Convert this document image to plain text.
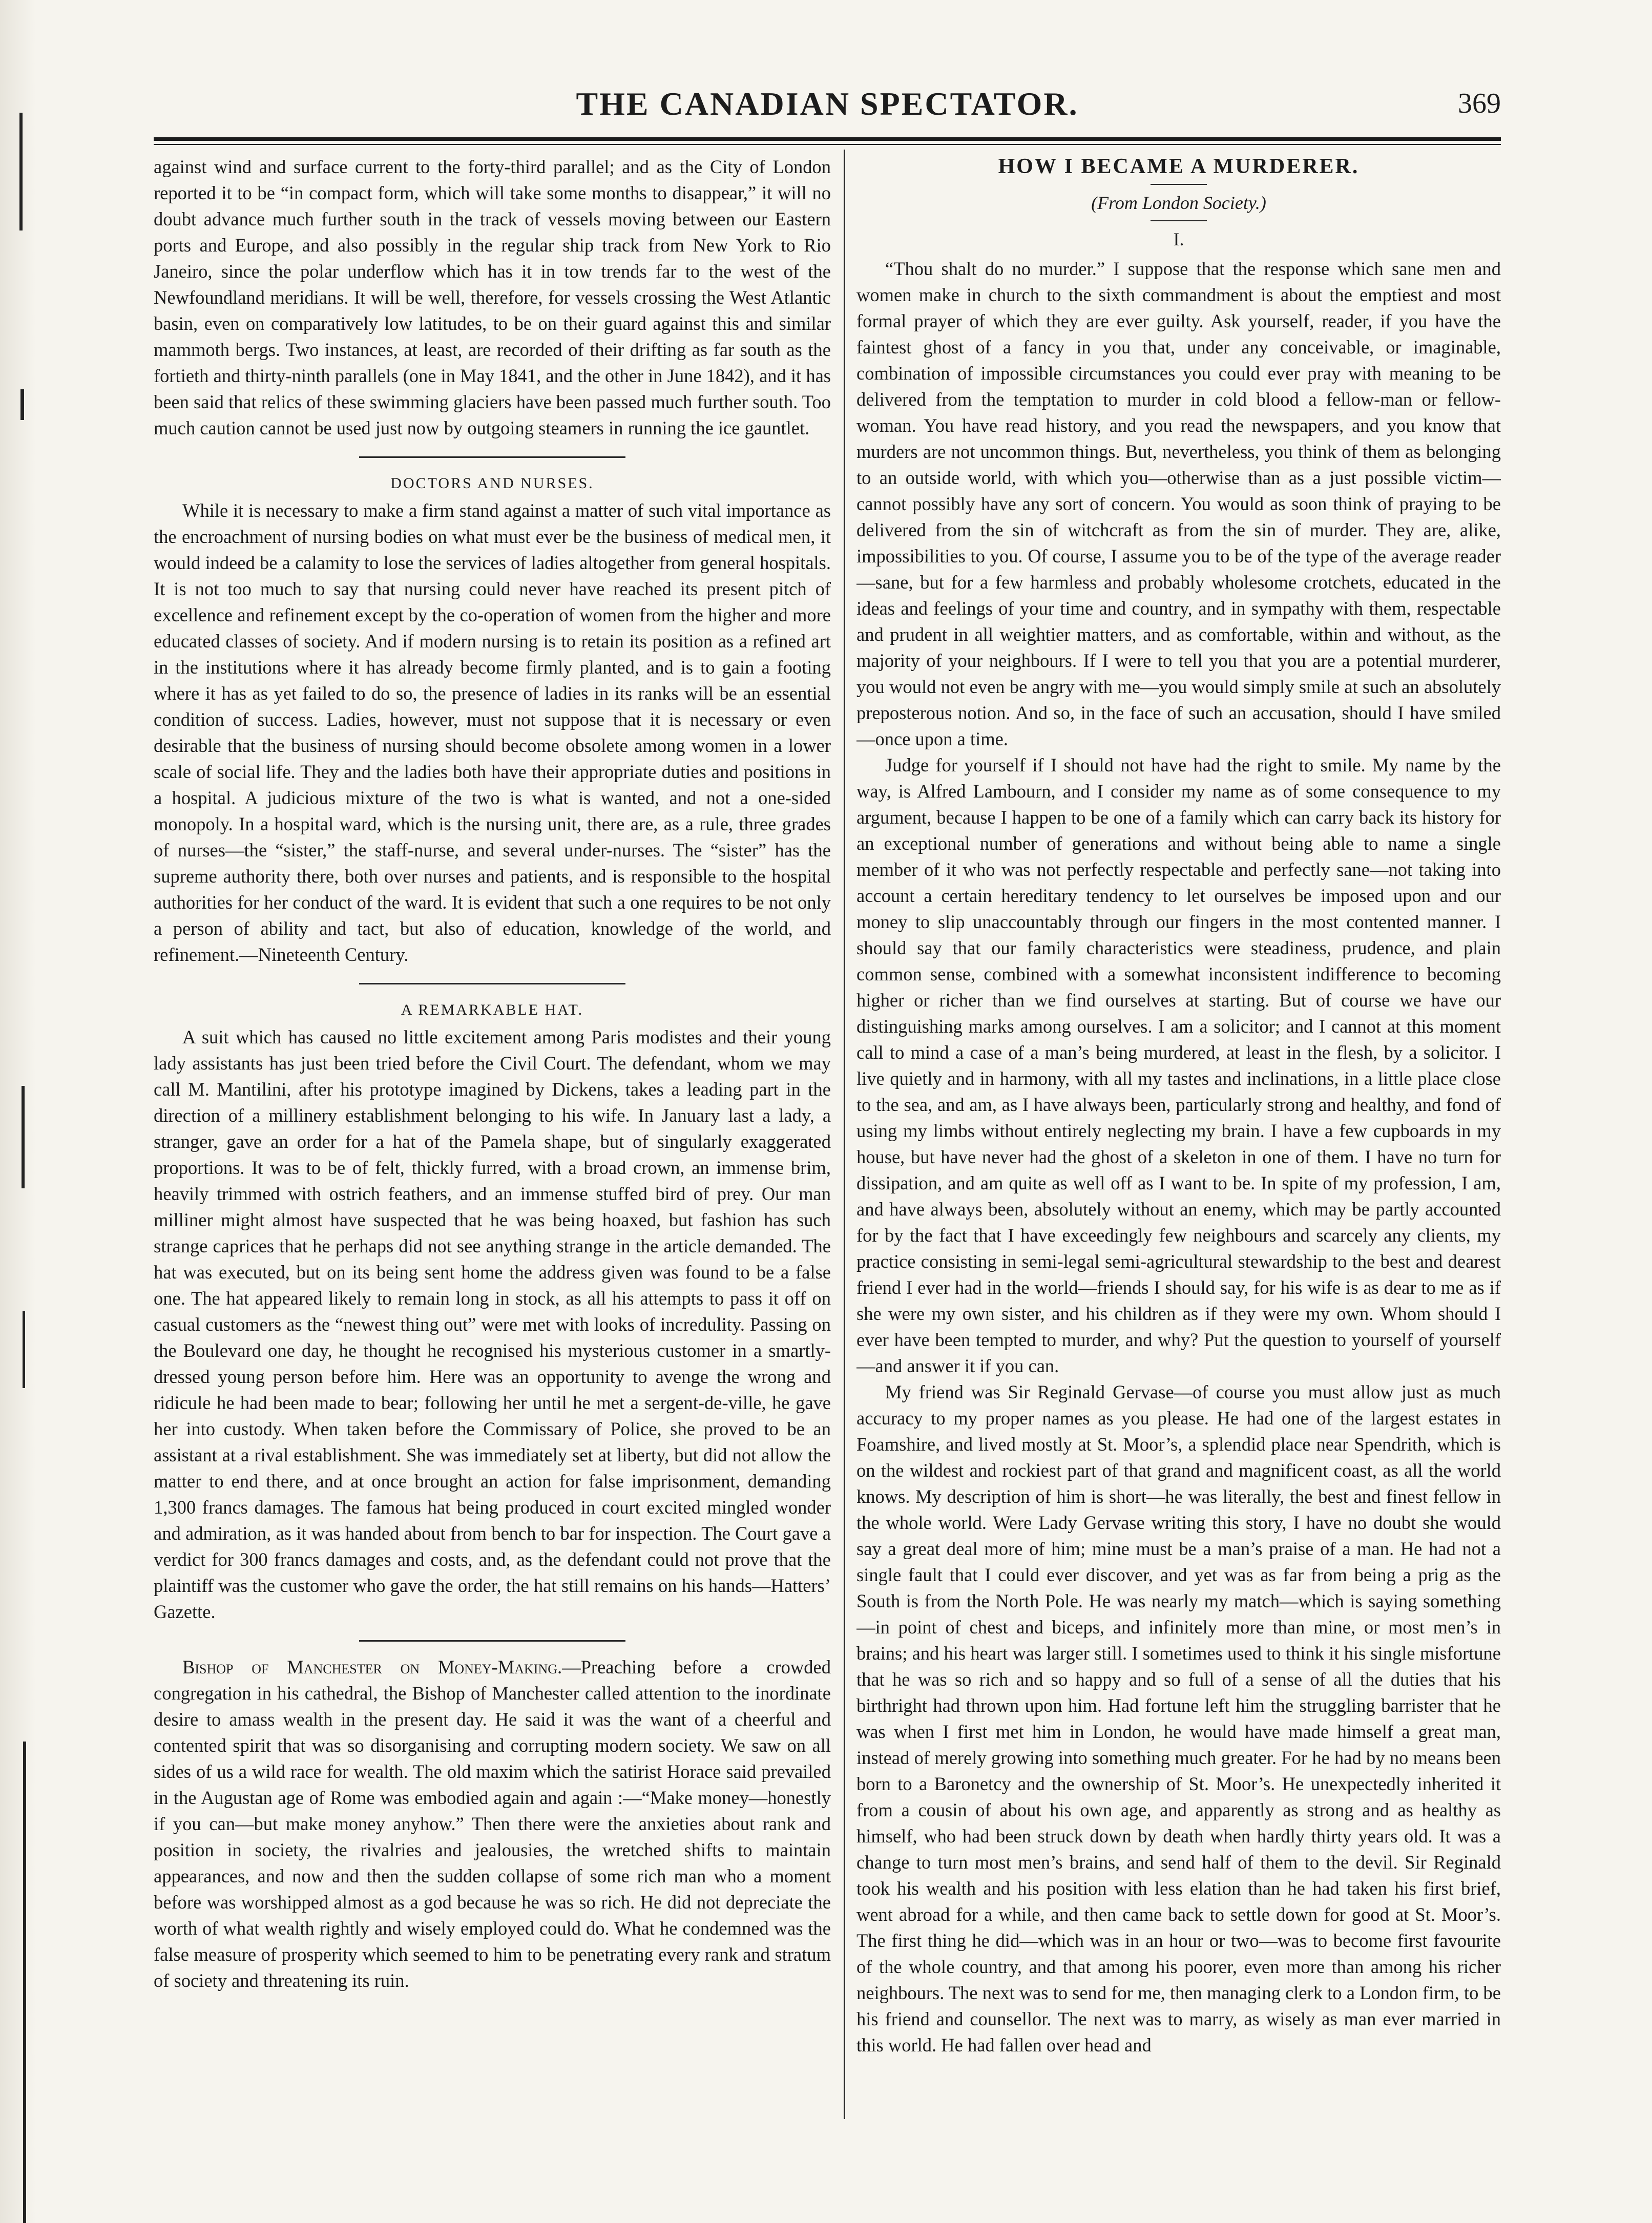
THE CANADIAN SPECTATOR.	369

against wind and surface current to the forty-third parallel; and as the City of London reported it to be “in compact form, which will take some months to disappear,” it will no doubt advance much further south in the track of vessels moving between our Eastern ports and Europe, and also possibly in the regular ship track from New York to Rio Janeiro, since the polar underflow which has it in tow trends far to the west of the Newfoundland meridians. It will be well, therefore, for vessels crossing the West Atlantic basin, even on comparatively low latitudes, to be on their guard against this and similar mammoth bergs. Two instances, at least, are recorded of their drifting as far south as the fortieth and thirty-ninth parallels (one in May 1841, and the other in June 1842), and it has been said that relics of these swimming glaciers have been passed much further south. Too much caution cannot be used just now by outgoing steamers in running the ice gauntlet.

DOCTORS AND NURSES.

While it is necessary to make a firm stand against a matter of such vital importance as the encroachment of nursing bodies on what must ever be the business of medical men, it would indeed be a calamity to lose the services of ladies altogether from general hospitals. It is not too much to say that nursing could never have reached its present pitch of excellence and refinement except by the co-operation of women from the higher and more educated classes of society. And if modern nursing is to retain its position as a refined art in the institutions where it has already become firmly planted, and is to gain a footing where it has as yet failed to do so, the presence of ladies in its ranks will be an essential condition of success. Ladies, however, must not suppose that it is necessary or even desirable that the business of nursing should become obsolete among women in a lower scale of social life. They and the ladies both have their appropriate duties and positions in a hospital. A judicious mixture of the two is what is wanted, and not a one-sided monopoly. In a hospital ward, which is the nursing unit, there are, as a rule, three grades of nurses—the “sister,” the staff-nurse, and several under-nurses. The “sister” has the supreme authority there, both over nurses and patients, and is responsible to the hospital authorities for her conduct of the ward. It is evident that such a one requires to be not only a person of ability and tact, but also of education, knowledge of the world, and refinement.—Nineteenth Century.

A REMARKABLE HAT.

A suit which has caused no little excitement among Paris modistes and their young lady assistants has just been tried before the Civil Court. The defendant, whom we may call M. Mantilini, after his prototype imagined by Dickens, takes a leading part in the direction of a millinery establishment belonging to his wife. In January last a lady, a stranger, gave an order for a hat of the Pamela shape, but of singularly exaggerated proportions. It was to be of felt, thickly furred, with a broad crown, an immense brim, heavily trimmed with ostrich feathers, and an immense stuffed bird of prey. Our man milliner might almost have suspected that he was being hoaxed, but fashion has such strange caprices that he perhaps did not see anything strange in the article demanded. The hat was executed, but on its being sent home the address given was found to be a false one. The hat appeared likely to remain long in stock, as all his attempts to pass it off on casual customers as the “newest thing out” were met with looks of incredulity. Passing on the Boulevard one day, he thought he recognised his mysterious customer in a smartly-dressed young person before him. Here was an opportunity to avenge the wrong and ridicule he had been made to bear; following her until he met a sergent-de-ville, he gave her into custody. When taken before the Commissary of Police, she proved to be an assistant at a rival establishment. She was immediately set at liberty, but did not allow the matter to end there, and at once brought an action for false imprisonment, demanding 1,300 francs damages. The famous hat being produced in court excited mingled wonder and admiration, as it was handed about from bench to bar for inspection. The Court gave a verdict for 300 francs damages and costs, and, as the defendant could not prove that the plaintiff was the customer who gave the order, the hat still remains on his hands—Hatters’ Gazette.

Bishop of Manchester on Money-Making.—Preaching before a crowded congregation in his cathedral, the Bishop of Manchester called attention to the inordinate desire to amass wealth in the present day. He said it was the want of a cheerful and contented spirit that was so disorganising and corrupting modern society. We saw on all sides of us a wild race for wealth. The old maxim which the satirist Horace said prevailed in the Augustan age of Rome was embodied again and again :—“Make money—honestly if you can—but make money anyhow.” Then there were the anxieties about rank and position in society, the rivalries and jealousies, the wretched shifts to maintain appearances, and now and then the sudden collapse of some rich man who a moment before was worshipped almost as a god because he was so rich. He did not depreciate the worth of what wealth rightly and wisely employed could do. What he condemned was the false measure of prosperity which seemed to him to be penetrating every rank and stratum of society and threatening its ruin.

HOW I BECAME A MURDERER.
(From London Society.)
I.

“Thou shalt do no murder.” I suppose that the response which sane men and women make in church to the sixth commandment is about the emptiest and most formal prayer of which they are ever guilty. Ask yourself, reader, if you have the faintest ghost of a fancy in you that, under any conceivable, or imaginable, combination of impossible circumstances you could ever pray with meaning to be delivered from the temptation to murder in cold blood a fellow-man or fellow-woman. You have read history, and you read the newspapers, and you know that murders are not uncommon things. But, nevertheless, you think of them as belonging to an outside world, with which you—otherwise than as a just possible victim—cannot possibly have any sort of concern. You would as soon think of praying to be delivered from the sin of witchcraft as from the sin of murder. They are, alike, impossibilities to you. Of course, I assume you to be of the type of the average reader—sane, but for a few harmless and probably wholesome crotchets, educated in the ideas and feelings of your time and country, and in sympathy with them, respectable and prudent in all weightier matters, and as comfortable, within and without, as the majority of your neighbours. If I were to tell you that you are a potential murderer, you would not even be angry with me—you would simply smile at such an absolutely preposterous notion. And so, in the face of such an accusation, should I have smiled—once upon a time.

Judge for yourself if I should not have had the right to smile. My name by the way, is Alfred Lambourn, and I consider my name as of some consequence to my argument, because I happen to be one of a family which can carry back its history for an exceptional number of generations and without being able to name a single member of it who was not perfectly respectable and perfectly sane—not taking into account a certain hereditary tendency to let ourselves be imposed upon and our money to slip unaccountably through our fingers in the most contented manner. I should say that our family characteristics were steadiness, prudence, and plain common sense, combined with a somewhat inconsistent indifference to becoming higher or richer than we find ourselves at starting. But of course we have our distinguishing marks among ourselves. I am a solicitor; and I cannot at this moment call to mind a case of a man’s being murdered, at least in the flesh, by a solicitor. I live quietly and in harmony, with all my tastes and inclinations, in a little place close to the sea, and am, as I have always been, particularly strong and healthy, and fond of using my limbs without entirely neglecting my brain. I have a few cupboards in my house, but have never had the ghost of a skeleton in one of them. I have no turn for dissipation, and am quite as well off as I want to be. In spite of my profession, I am, and have always been, absolutely without an enemy, which may be partly accounted for by the fact that I have exceedingly few neighbours and scarcely any clients, my practice consisting in semi-legal semi-agricultural stewardship to the best and dearest friend I ever had in the world—friends I should say, for his wife is as dear to me as if she were my own sister, and his children as if they were my own. Whom should I ever have been tempted to murder, and why? Put the question to yourself of yourself—and answer it if you can.

My friend was Sir Reginald Gervase—of course you must allow just as much accuracy to my proper names as you please. He had one of the largest estates in Foamshire, and lived mostly at St. Moor’s, a splendid place near Spendrith, which is on the wildest and rockiest part of that grand and magnificent coast, as all the world knows. My description of him is short—he was literally, the best and finest fellow in the whole world. Were Lady Gervase writing this story, I have no doubt she would say a great deal more of him; mine must be a man’s praise of a man. He had not a single fault that I could ever discover, and yet was as far from being a prig as the South is from the North Pole. He was nearly my match—which is saying something—in point of chest and biceps, and infinitely more than mine, or most men’s in brains; and his heart was larger still. I sometimes used to think it his single misfortune that he was so rich and so happy and so full of a sense of all the duties that his birthright had thrown upon him. Had fortune left him the struggling barrister that he was when I first met him in London, he would have made himself a great man, instead of merely growing into something much greater. For he had by no means been born to a Baronetcy and the ownership of St. Moor’s. He unexpectedly inherited it from a cousin of about his own age, and apparently as strong and as healthy as himself, who had been struck down by death when hardly thirty years old. It was a change to turn most men’s brains, and send half of them to the devil. Sir Reginald took his wealth and his position with less elation than he had taken his first brief, went abroad for a while, and then came back to settle down for good at St. Moor’s. The first thing he did—which was in an hour or two—was to become first favourite of the whole country, and that among his poorer, even more than among his richer neighbours. The next was to send for me, then managing clerk to a London firm, to be his friend and counsellor. The next was to marry, as wisely as man ever married in this world. He had fallen over head and
